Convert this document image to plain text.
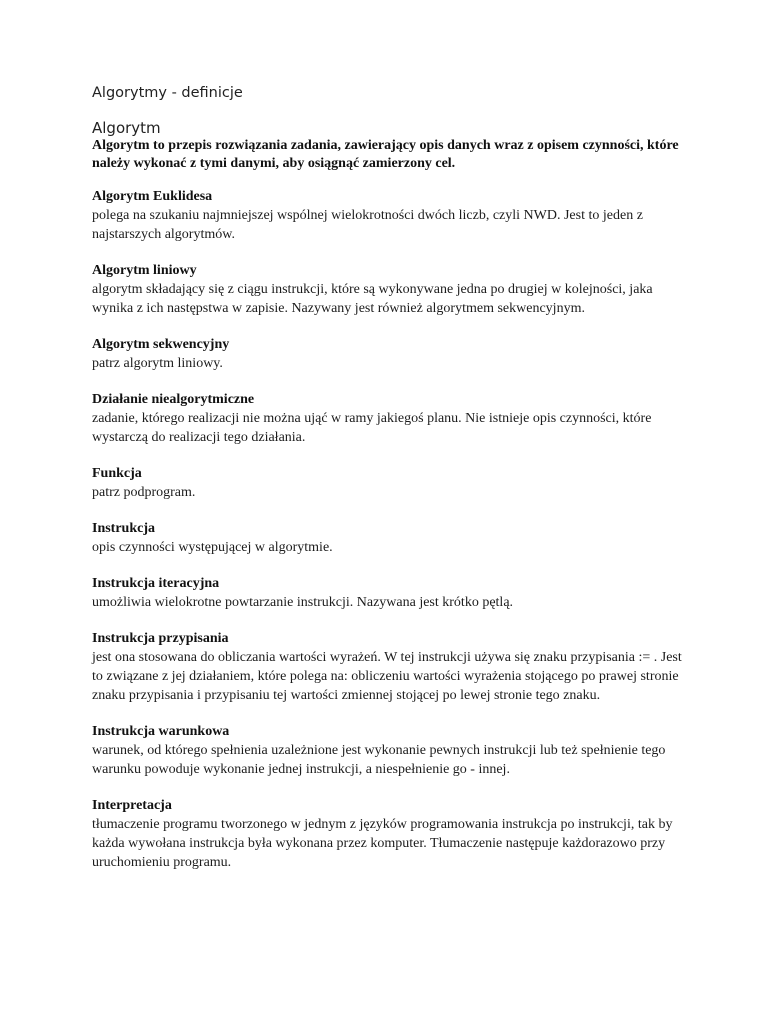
Algorytmy - definicje
Algorytm
Algorytm to przepis rozwiązania zadania, zawierający opis danych wraz z opisem czynności, które należy wykonać z tymi danymi, aby osiągnąć zamierzony cel.
Algorytm Euklidesa
polega na szukaniu najmniejszej wspólnej wielokrotności dwóch liczb, czyli NWD. Jest to jeden z najstarszych algorytmów.
Algorytm liniowy
algorytm składający się z ciągu instrukcji, które są wykonywane jedna po drugiej w kolejności, jaka wynika z ich następstwa w zapisie. Nazywany jest również algorytmem sekwencyjnym.
Algorytm sekwencyjny
patrz algorytm liniowy.
Działanie niealgorytmiczne
zadanie, którego realizacji nie można ująć w ramy jakiegoś planu. Nie istnieje opis czynności, które wystarczą do realizacji tego działania.
Funkcja
patrz podprogram.
Instrukcja
opis czynności występującej w algorytmie.
Instrukcja iteracyjna
umożliwia wielokrotne powtarzanie instrukcji. Nazywana jest krótko pętlą.
Instrukcja przypisania
jest ona stosowana do obliczania wartości wyrażeń. W tej instrukcji używa się znaku przypisania := . Jest to związane z jej działaniem, które polega na: obliczeniu wartości wyrażenia stojącego po prawej stronie znaku przypisania i przypisaniu tej wartości zmiennej stojącej po lewej stronie tego znaku.
Instrukcja warunkowa
warunek, od którego spełnienia uzależnione jest wykonanie pewnych instrukcji lub też spełnienie tego warunku powoduje wykonanie jednej instrukcji, a niespełnienie go - innej.
Interpretacja
tłumaczenie programu tworzonego w jednym z języków programowania instrukcja po instrukcji, tak by każda wywołana instrukcja była wykonana przez komputer. Tłumaczenie następuje każdorazowo przy uruchomieniu programu.
